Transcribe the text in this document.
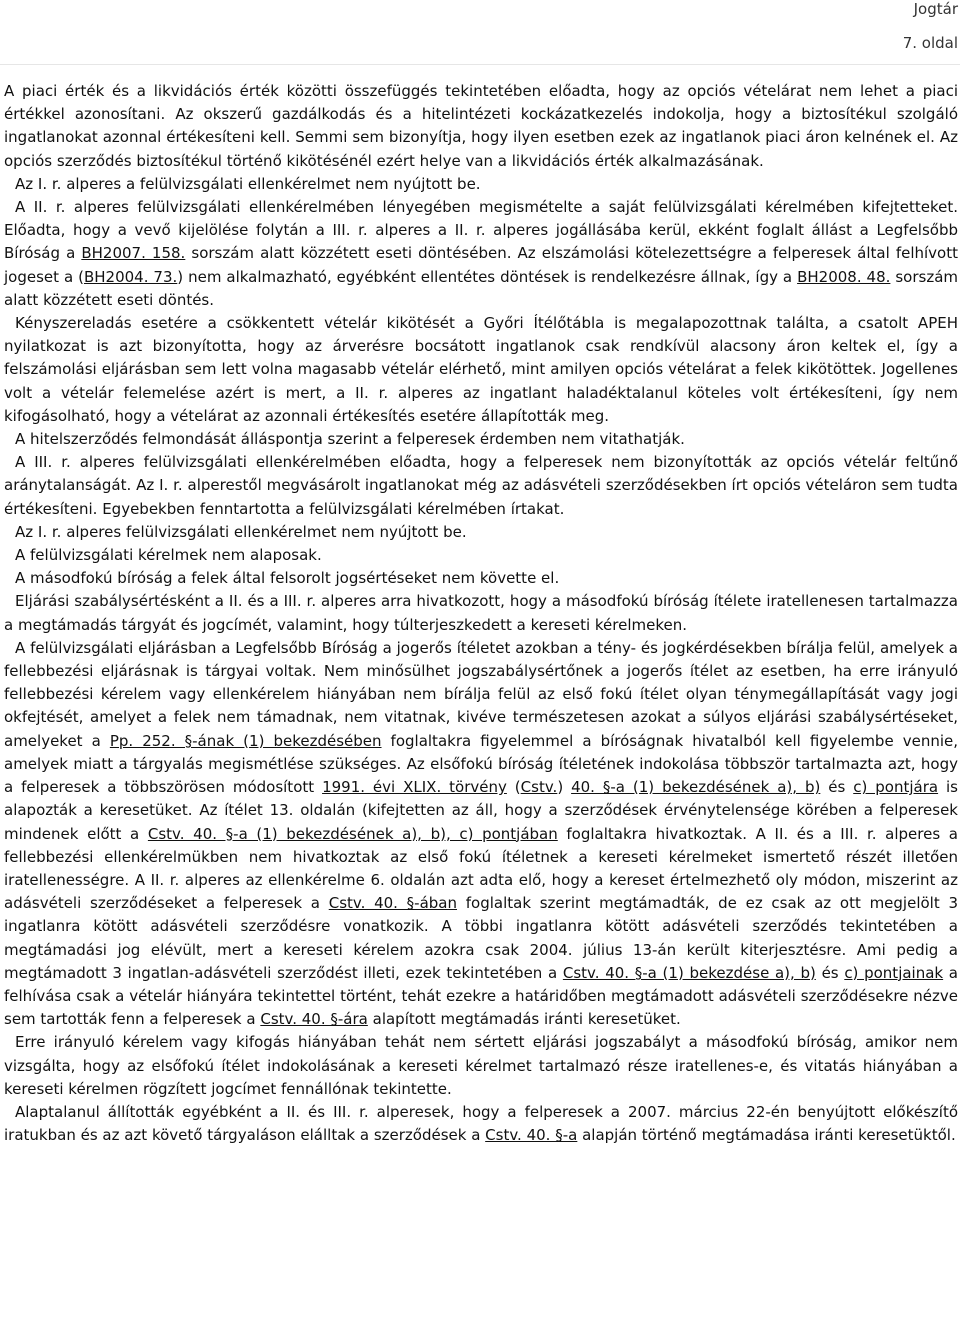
Jogtár
7. oldal

A piaci érték és a likvidációs érték közötti összefüggés tekintetében előadta, hogy az opciós vételárat nem lehet a piaci értékkel azonosítani. Az okszerű gazdálkodás és a hitelintézeti kockázatkezelés indokolja, hogy a biztosítékul szolgáló ingatlanokat azonnal értékesíteni kell. Semmi sem bizonyítja, hogy ilyen esetben ezek az ingatlanok piaci áron kelnének el. Az opciós szerződés biztosítékul történő kikötésénél ezért helye van a likvidációs érték alkalmazásának.

Az I. r. alperes a felülvizsgálati ellenkérelmet nem nyújtott be.

A II. r. alperes felülvizsgálati ellenkérelmében lényegében megismételte a saját felülvizsgálati kérelmében kifejtetteket. Előadta, hogy a vevő kijelölése folytán a III. r. alperes a II. r. alperes jogállásába kerül, ekként foglalt állást a Legfelsőbb Bíróság a BH2007. 158. sorszám alatt közzétett eseti döntésében. Az elszámolási kötelezettségre a felperesek által felhívott jogeset a (BH2004. 73.) nem alkalmazható, egyébként ellentétes döntések is rendelkezésre állnak, így a BH2008. 48. sorszám alatt közzétett eseti döntés.

Kényszereladás esetére a csökkentett vételár kikötését a Győri Ítélőtábla is megalapozottnak találta, a csatolt APEH nyilatkozat is azt bizonyította, hogy az árverésre bocsátott ingatlanok csak rendkívül alacsony áron keltek el, így a felszámolási eljárásban sem lett volna magasabb vételár elérhető, mint amilyen opciós vételárat a felek kikötöttek. Jogellenes volt a vételár felemelése azért is mert, a II. r. alperes az ingatlant haladéktalanul köteles volt értékesíteni, így nem kifogásolható, hogy a vételárat az azonnali értékesítés esetére állapították meg.

A hitelszerződés felmondását álláspontja szerint a felperesek érdemben nem vitathatják.

A III. r. alperes felülvizsgálati ellenkérelmében előadta, hogy a felperesek nem bizonyították az opciós vételár feltűnő aránytalanságát. Az I. r. alperestől megvásárolt ingatlanokat még az adásvételi szerződésekben írt opciós vételáron sem tudta értékesíteni. Egyebekben fenntartotta a felülvizsgálati kérelmében írtakat.

Az I. r. alperes felülvizsgálati ellenkérelmet nem nyújtott be.

A felülvizsgálati kérelmek nem alaposak.

A másodfokú bíróság a felek által felsorolt jogsértéseket nem követte el.

Eljárási szabálysértésként a II. és a III. r. alperes arra hivatkozott, hogy a másodfokú bíróság ítélete iratellenesen tartalmazza a megtámadás tárgyát és jogcímét, valamint, hogy túlterjeszkedett a kereseti kérelmeken.

A felülvizsgálati eljárásban a Legfelsőbb Bíróság a jogerős ítéletet azokban a tény- és jogkérdésekben bírálja felül, amelyek a fellebbezési eljárásnak is tárgyai voltak. Nem minősülhet jogszabálysértőnek a jogerős ítélet az esetben, ha erre irányuló fellebbezési kérelem vagy ellenkérelem hiányában nem bírálja felül az első fokú ítélet olyan ténymegállapítását vagy jogi okfejtését, amelyet a felek nem támadnak, nem vitatnak, kivéve természetesen azokat a súlyos eljárási szabálysértéseket, amelyeket a Pp. 252. §-ának (1) bekezdésében foglaltakra figyelemmel a bíróságnak hivatalból kell figyelembe vennie, amelyek miatt a tárgyalás megismétlése szükséges. Az elsőfokú bíróság ítéletének indokolása többször tartalmazta azt, hogy a felperesek a többszörösen módosított 1991. évi XLIX. törvény (Cstv.) 40. §-a (1) bekezdésének a), b) és c) pontjára is alapozták a keresetüket. Az ítélet 13. oldalán (kifejtetten az áll, hogy a szerződések érvénytelensége körében a felperesek mindenek előtt a Cstv. 40. §-a (1) bekezdésének a), b), c) pontjában foglaltakra hivatkoztak. A II. és a III. r. alperes a fellebbezési ellenkérelmükben nem hivatkoztak az első fokú ítéletnek a kereseti kérelmeket ismertető részét illetően iratellenességre. A II. r. alperes az ellenkérelme 6. oldalán azt adta elő, hogy a kereset értelmezhető oly módon, miszerint az adásvételi szerződéseket a felperesek a Cstv. 40. §-ában foglaltak szerint megtámadták, de ez csak az ott megjelölt 3 ingatlanra kötött adásvételi szerződésre vonatkozik. A többi ingatlanra kötött adásvételi szerződés tekintetében a megtámadási jog elévült, mert a kereseti kérelem azokra csak 2004. július 13-án került kiterjesztésre. Ami pedig a megtámadott 3 ingatlan-adásvételi szerződést illeti, ezek tekintetében a Cstv. 40. §-a (1) bekezdése a), b) és c) pontjainak a felhívása csak a vételár hiányára tekintettel történt, tehát ezekre a határidőben megtámadott adásvételi szerződésekre nézve sem tartották fenn a felperesek a Cstv. 40. §-ára alapított megtámadás iránti keresetüket.

Erre irányuló kérelem vagy kifogás hiányában tehát nem sértett eljárási jogszabályt a másodfokú bíróság, amikor nem vizsgálta, hogy az elsőfokú ítélet indokolásának a kereseti kérelmet tartalmazó része iratellenes-e, és vitatás hiányában a kereseti kérelmen rögzített jogcímet fennállónak tekintette.

Alaptalanul állították egyébként a II. és III. r. alperesek, hogy a felperesek a 2007. március 22-én benyújtott előkészítő iratukban és az azt követő tárgyaláson elálltak a szerződések a Cstv. 40. §-a alapján történő megtámadása iránti keresetüktől.
